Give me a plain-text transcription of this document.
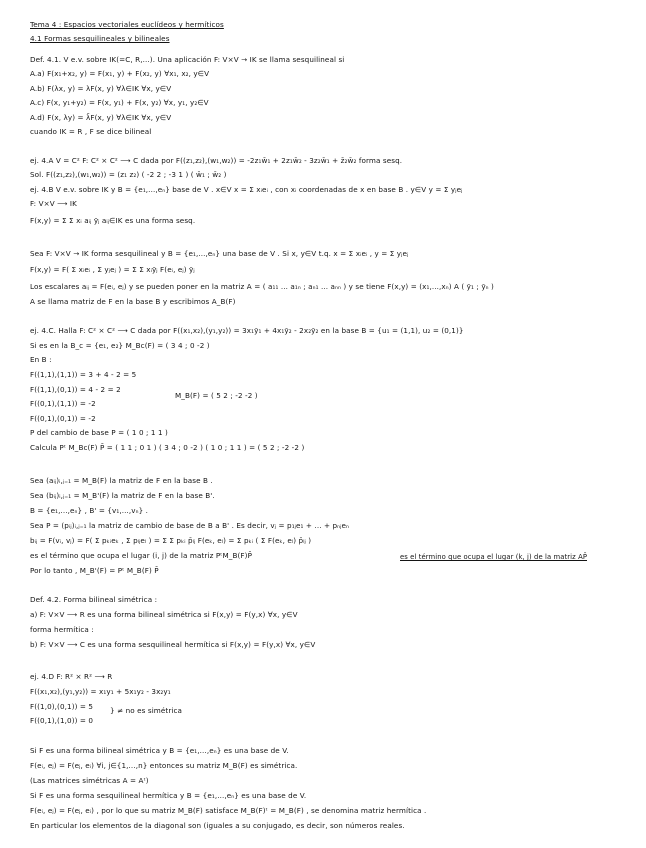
Tema 4 : Espacios vectoriales euclídeos y hermíticos
4.1 Formas sesquilineales y bilineales
Def. 4.1. V e.v. sobre IK(=C, R,...). Una aplicación F: V×V → IK se llama sesquilineal si
A.a) F(x₁+x₂, y) = F(x₁, y) + F(x₂, y) ∀x₁, x₂, y∈V
A.b) F(λx, y) = λF(x, y) ∀λ∈IK ∀x, y∈V
A.c) F(x, y₁+y₂) = F(x, y₁) + F(x, y₂) ∀x, y₁, y₂∈V
A.d) F(x, λy) = λ̄F(x, y) ∀λ∈IK ∀x, y∈V
cuando IK = R , F se dice bilineal
ej. 4.A V = C² F: C² × C² ⟶ C dada por F((z₁,z₂),(w₁,w₂)) = -2z₁w̄₁ + 2z₁w̄₂ - 3z₂w̄₁ + z̄₂w̄₂ forma sesq.
Sol. F((z₁,z₂),(w₁,w₂)) = (z₁ z₂) ( -2 2 ; -3 1 ) ( w̄₁ ; w̄₂ )
ej. 4.B V e.v. sobre IK y B = {e₁,...,eₙ} base de V . x∈V x = Σ xᵢeᵢ , con xᵢ coordenadas de x en base B . y∈V y = Σ yⱼeⱼ
F: V×V ⟶ IK
F(x,y) = Σ Σ xᵢ aᵢⱼ ȳⱼ aᵢⱼ∈IK es una forma sesq.
Sea F: V×V → IK forma sesquilineal y B = {e₁,...,eₙ} una base de V . Si x, y∈V t.q. x = Σ xᵢeᵢ , y = Σ yⱼeⱼ
F(x,y) = F( Σ xᵢeᵢ , Σ yⱼeⱼ ) = Σ Σ xᵢȳⱼ F(eᵢ, eⱼ) ȳⱼ
Los escalares aᵢⱼ = F(eᵢ, eⱼ) y se pueden poner en la matriz A = ( a₁₁ ... a₁ₙ ; aₙ₁ ... aₙₙ ) y se tiene F(x,y) = (x₁,...,xₙ) A ( ȳ₁ ; ȳₙ )
A se llama matriz de F en la base B y escribimos A_B(F)
ej. 4.C. Halla F: C² × C² ⟶ C dada por F((x₁,x₂),(y₁,y₂)) = 3x₁ȳ₁ + 4x₁ȳ₂ - 2x₂ȳ₂ en la base B = {u₁ = (1,1), u₂ = (0,1)}
Si es en la B_c = {e₁, e₂} M_Bc(F) = ( 3 4 ; 0 -2 )
En B :
F((1,1),(1,1)) = 3 + 4 - 2 = 5
F((1,1),(0,1)) = 4 - 2 = 2
F((0,1),(1,1)) = -2
F((0,1),(0,1)) = -2
P del cambio de base P = ( 1 0 ; 1 1 )
Calcula Pᵗ M_Bc(F) P̄ = ( 1 1 ; 0 1 ) ( 3 4 ; 0 -2 ) ( 1 0 ; 1 1 ) = ( 5 2 ; -2 -2 )
Sea (aᵢⱼ)ᵢ,ⱼ₌₁ = M_B(F) la matriz de F en la base B .
Sea (bᵢⱼ)ᵢ,ⱼ₌₁ = M_B'(F) la matriz de F en la base B'.
B = {e₁,...,eₙ} , B' = {v₁,...,vₙ} .
Sea P = (pᵢⱼ)ᵢ,ⱼ₌₁ la matriz de cambio de base de B a B' . Es decir, vⱼ = p₁ⱼe₁ + ... + pₙⱼeₙ
bᵢⱼ = F(vᵢ, vⱼ) = F( Σ pₖᵢeₖ , Σ pₗⱼeₗ ) = Σ Σ pₖᵢ p̄ₗⱼ F(eₖ, eₗ) = Σ pₖᵢ ( Σ F(eₖ, eₗ) p̄ₗⱼ )
es el término que ocupa el lugar (i, j) de la matriz PᵗM_B(F)P̄
Por lo tanto , M_B'(F) = Pᵗ M_B(F) P̄
Def. 4.2. Forma bilineal simétrica :
a) F: V×V ⟶ R es una forma bilineal simétrica si F(x,y) = F(y,x) ∀x, y∈V
forma hermítica :
b) F: V×V ⟶ C es una forma sesquilineal hermítica si F(x,y) = F(y,x) ∀x, y∈V
ej. 4.D F: R² × R² ⟶ R
F((x₁,x₂),(y₁,y₂)) = x₁y₁ + 5x₁y₂ - 3x₂y₁
F((1,0),(0,1)) = 5
F((0,1),(1,0)) = 0
Si F es una forma bilineal simétrica y B = {e₁,...,eₙ} es una base de V.
F(eᵢ, eⱼ) = F(eⱼ, eᵢ) ∀i, j∈{1,...,n} entonces su matriz M_B(F) es simétrica.
(Las matrices simétricas A = Aᵗ)
Si F es una forma sesquilineal hermítica y B = {e₁,...,eₙ} es una base de V.
F(eᵢ, eⱼ) = F(eⱼ, eᵢ) , por lo que su matriz M_B(F) satisface M_B(F)ᵗ = M_B(F) , se denomina matriz hermítica .
En particular los elementos de la diagonal son (iguales a su conjugado, es decir, son números reales.
M_B(F) = ( 5 2 ; -2 -2 )
es el término que ocupa el lugar (k, j) de la matriz AP̄
} ≠ no es simétrica
